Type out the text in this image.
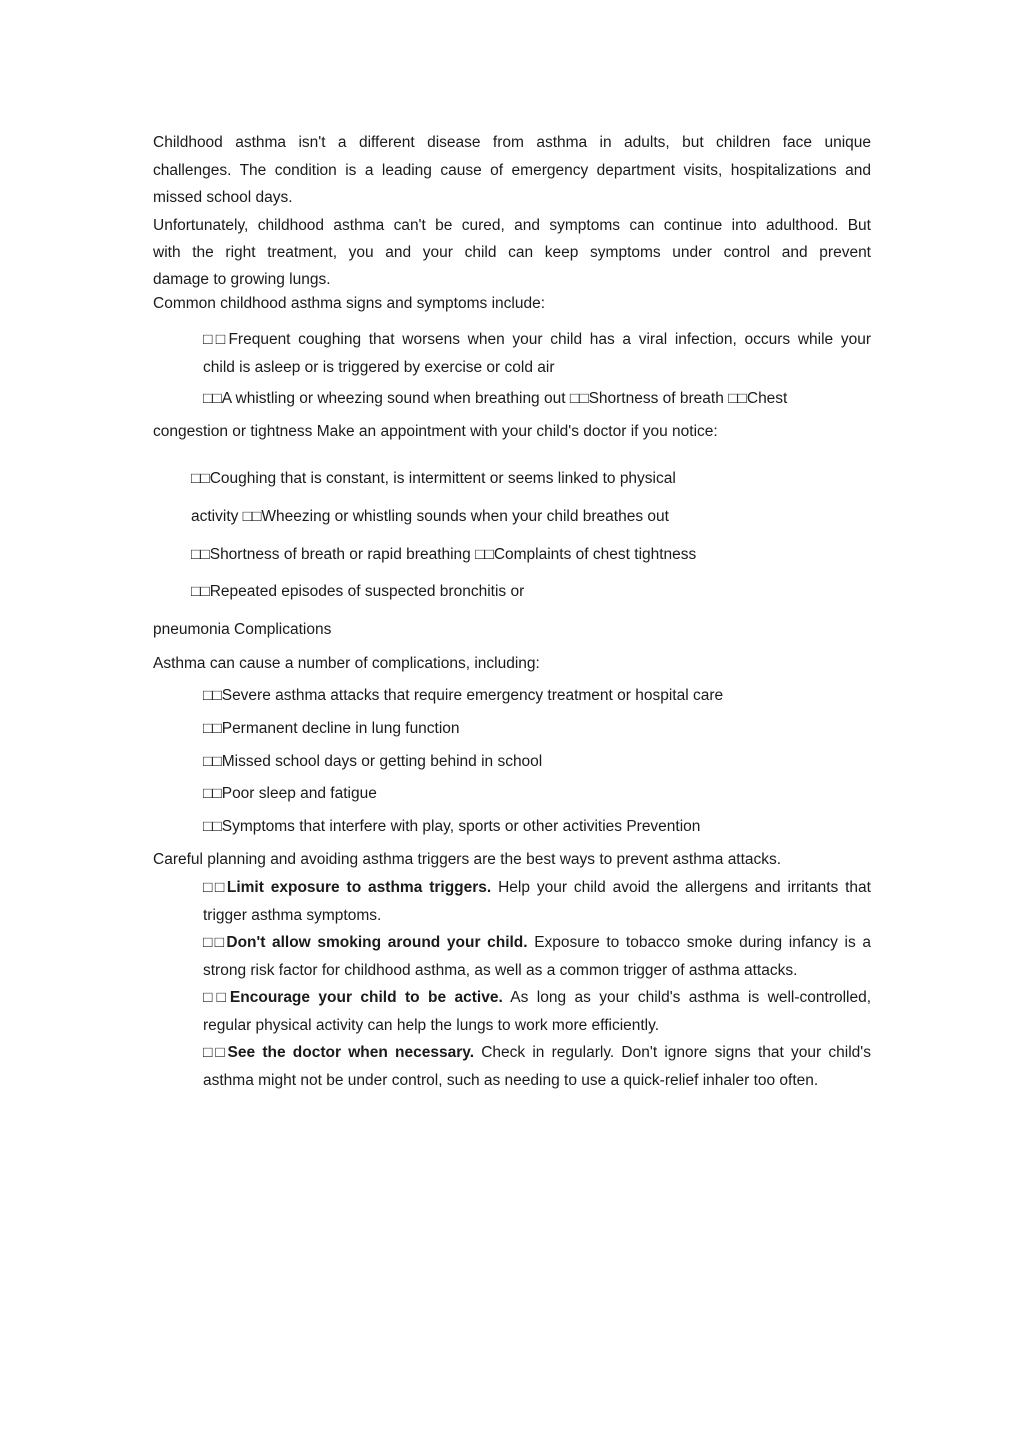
Childhood asthma isn't a different disease from asthma in adults, but children face unique
challenges. The condition is a leading cause of emergency department visits, hospitalizations and
missed school days.
Unfortunately, childhood asthma can't be cured, and symptoms can continue into adulthood. But
with the right treatment, you and your child can keep symptoms under control and prevent
damage to growing lungs.
Common childhood asthma signs and symptoms include:
□□Frequent coughing that worsens when your child has a viral infection, occurs while your
child is asleep or is triggered by exercise or cold air
□□A whistling or wheezing sound when breathing out □□Shortness of breath □□Chest
congestion or tightness Make an appointment with your child's doctor if you notice:
□□Coughing that is constant, is intermittent or seems linked to physical
activity □□Wheezing or whistling sounds when your child breathes out
□□Shortness of breath or rapid breathing □□Complaints of chest tightness
□□Repeated episodes of suspected bronchitis or
pneumonia Complications
Asthma can cause a number of complications, including:
□□Severe asthma attacks that require emergency treatment or hospital care
□□Permanent decline in lung function
□□Missed school days or getting behind in school
□□Poor sleep and fatigue
□□Symptoms that interfere with play, sports or other activities Prevention
Careful planning and avoiding asthma triggers are the best ways to prevent asthma attacks.
□□Limit exposure to asthma triggers. Help your child avoid the allergens and irritants that
trigger asthma symptoms.
□□Don't allow smoking around your child. Exposure to tobacco smoke during infancy is a
strong risk factor for childhood asthma, as well as a common trigger of asthma attacks.
□□Encourage your child to be active. As long as your child's asthma is well-controlled,
regular physical activity can help the lungs to work more efficiently.
□□See the doctor when necessary. Check in regularly. Don't ignore signs that your child's
asthma might not be under control, such as needing to use a quick-relief inhaler too often.
